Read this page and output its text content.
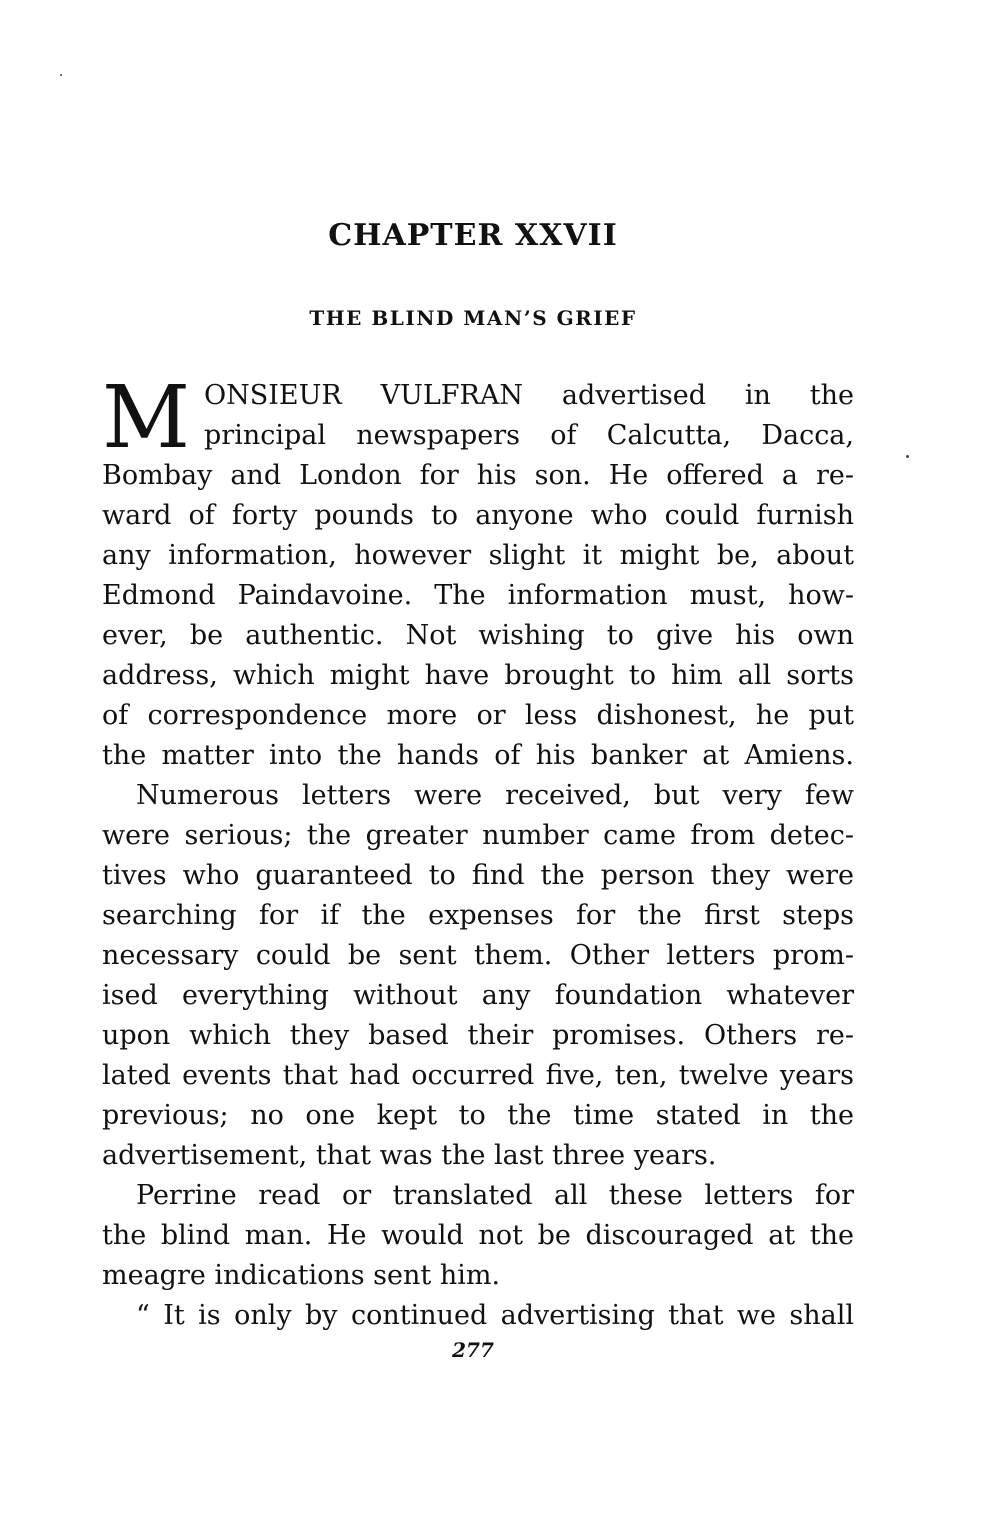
CHAPTER XXVII
THE BLIND MAN’S GRIEF
M ONSIEUR VULFRAN advertised in the
principal newspapers of Calcutta, Dacca,
Bombay and London for his son. He offered a re-
ward of forty pounds to anyone who could furnish
any information, however slight it might be, about
Edmond Paindavoine. The information must, how-
ever, be authentic. Not wishing to give his own
address, which might have brought to him all sorts
of correspondence more or less dishonest, he put
the matter into the hands of his banker at Amiens.
Numerous letters were received, but very few
were serious; the greater number came from detec-
tives who guaranteed to find the person they were
searching for if the expenses for the first steps
necessary could be sent them. Other letters prom-
ised everything without any foundation whatever
upon which they based their promises. Others re-
lated events that had occurred five, ten, twelve years
previous; no one kept to the time stated in the
advertisement, that was the last three years.
Perrine read or translated all these letters for
the blind man. He would not be discouraged at the
meagre indications sent him.
“ It is only by continued advertising that we shall

277
